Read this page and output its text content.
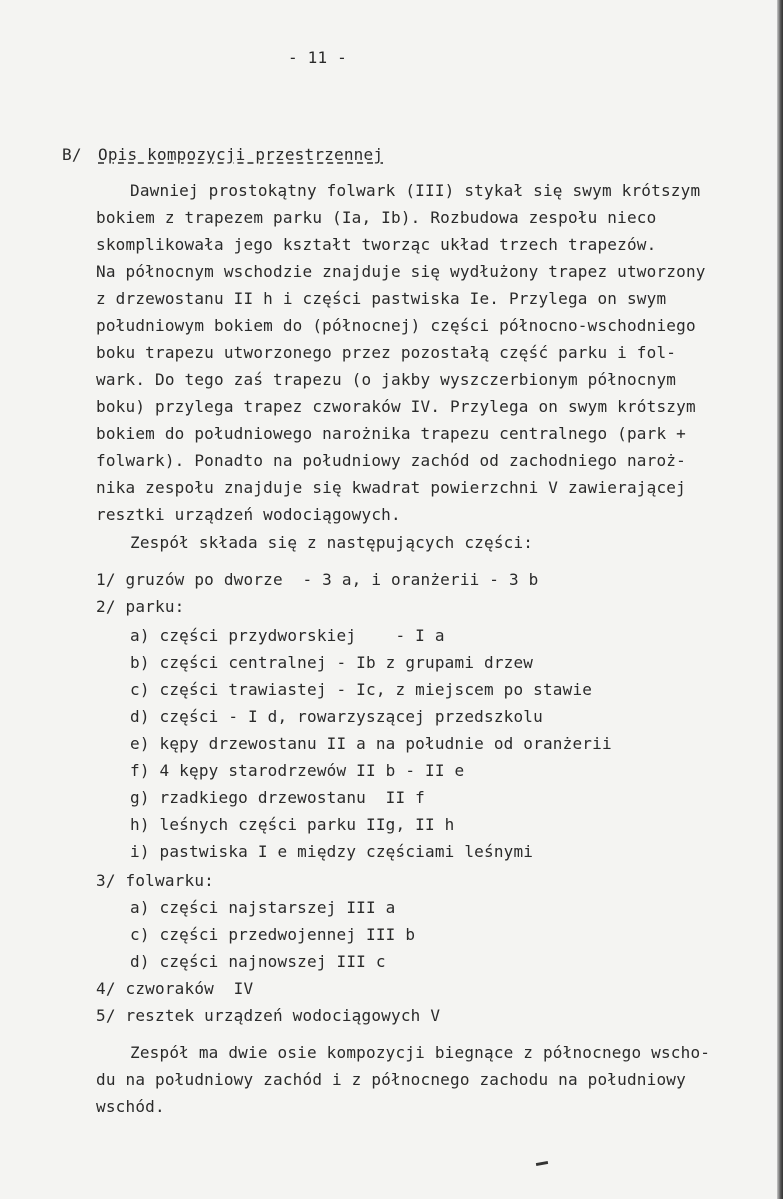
- 11 -
B/ Opis kompozycji przestrzennej
Dawniej prostokątny folwark (III) stykał się swym krótszym
bokiem z trapezem parku (Ia, Ib). Rozbudowa zespołu nieco
skomplikowała jego kształt tworząc układ trzech trapezów.
Na północnym wschodzie znajduje się wydłużony trapez utworzony
z drzewostanu II h i części pastwiska Ie. Przylega on swym
południowym bokiem do (północnej) części północno-wschodniego
boku trapezu utworzonego przez pozostałą część parku i fol-
wark. Do tego zaś trapezu (o jakby wyszczerbionym północnym
boku) przylega trapez czworaków IV. Przylega on swym krótszym
bokiem do południowego narożnika trapezu centralnego (park +
folwark). Ponadto na południowy zachód od zachodniego naroż-
nika zespołu znajduje się kwadrat powierzchni V zawierającej
resztki urządzeń wodociągowych.
Zespół składa się z następujących części:
1/ gruzów po dworze  - 3 a, i oranżerii - 3 b
2/ parku:
a) części przydworskiej    - I a
b) części centralnej - Ib z grupami drzew
c) części trawiastej - Ic, z miejscem po stawie
d) części - I d, rowarzyszącej przedszkolu
e) kępy drzewostanu II a na południe od oranżerii
f) 4 kępy starodrzewów II b - II e
g) rzadkiego drzewostanu  II f
h) leśnych części parku IIg, II h
i) pastwiska I e między częściami leśnymi
3/ folwarku:
a) części najstarszej III a
c) części przedwojennej III b
d) części najnowszej III c
4/ czworaków  IV
5/ resztek urządzeń wodociągowych V
Zespół ma dwie osie kompozycji biegnące z północnego wscho-
du na południowy zachód i z północnego zachodu na południowy
wschód.
